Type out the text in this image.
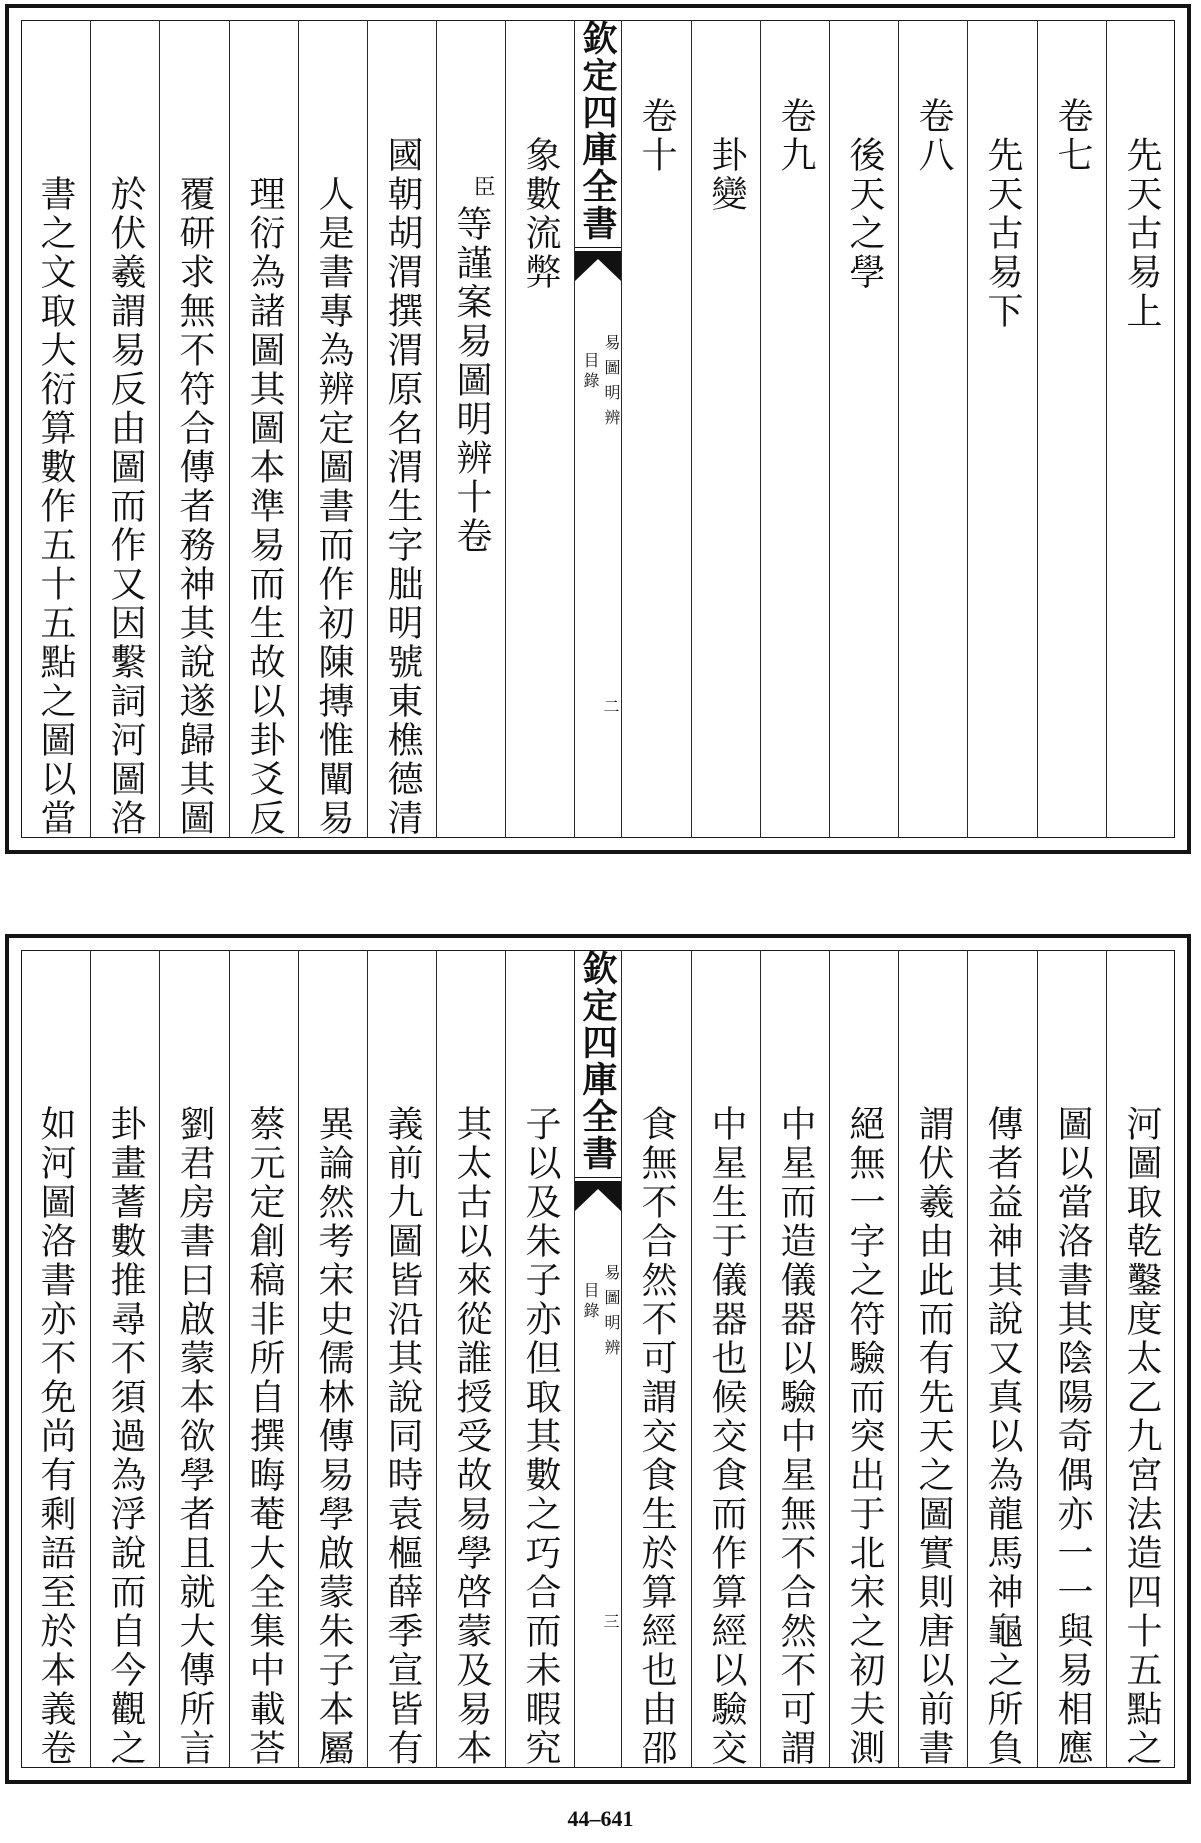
先天古易上
卷七
先天古易下
卷八
後天之學
卷九
卦變
卷十
欽定四庫全書
易圖明辨
目錄
二
象數流弊
臣等謹案易圖明辨十卷
國朝胡渭撰渭原名渭生字朏明號東樵德清
人是書專為辨定圖書而作初陳摶惟闡易
理衍為諸圖其圖本準易而生故以卦爻反
覆研求無不符合傳者務神其說遂歸其圖
於伏羲謂易反由圖而作又因繫詞河圖洛
書之文取大衍算數作五十五點之圖以當
河圖取乾鑿度太乙九宮法造四十五點之
圖以當洛書其陰陽奇偶亦一一與易相應
傳者益神其說又真以為龍馬神龜之所負
謂伏羲由此而有先天之圖實則唐以前書
絕無一字之符驗而突出于北宋之初夫測
中星而造儀器以驗中星無不合然不可謂
中星生于儀器也候交食而作算經以驗交
食無不合然不可謂交食生於算經也由邵
欽定四庫全書
易圖明辨
目錄
三
子以及朱子亦但取其數之巧合而未暇究
其太古以來從誰授受故易學啓蒙及易本
義前九圖皆沿其說同時袁樞薛季宣皆有
異論然考宋史儒林傳易學啟蒙朱子本屬
蔡元定創稿非所自撰晦菴大全集中載荅
劉君房書曰啟蒙本欲學者且就大傳所言
卦畫蓍數推尋不須過為浮說而自今觀之
如河圖洛書亦不免尚有剩語至於本義卷
44–641
